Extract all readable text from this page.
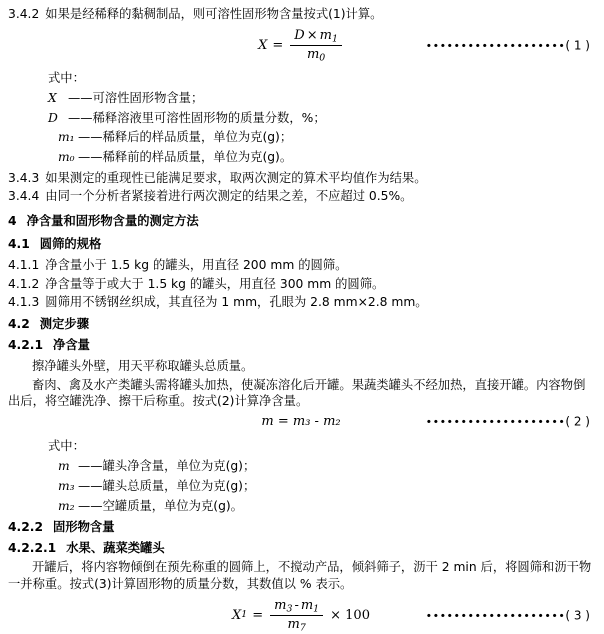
3.4.2 如果是经稀释的黏稠制品，则可溶性固形物含量按式(1)计算。
$X = \frac{D \times m_1}{m_0}$	••••••••••••••••••••( 1 )
式中：
X —— 可溶性固形物含量；
D —— 稀释溶液里可溶性固形物的质量分数，%；
m₁ —— 稀释后的样品质量，单位为克(g)；
m₀ —— 稀释前的样品质量，单位为克(g)。
3.4.3 如果测定的重现性已能满足要求，取两次测定的算术平均值作为结果。
3.4.4 由同一个分析者紧接着进行两次测定的结果之差，不应超过 0.5%。
4 净含量和固形物含量的测定方法
4.1 圆筛的规格
4.1.1 净含量小于 1.5 kg 的罐头，用直径 200 mm 的圆筛。
4.1.2 净含量等于或大于 1.5 kg 的罐头，用直径 300 mm 的圆筛。
4.1.3 圆筛用不锈钢丝织成，其直径为 1 mm，孔眼为 2.8 mm×2.8 mm。
4.2 测定步骤
4.2.1 净含量
擦净罐头外壁，用天平称取罐头总质量。
畜肉、禽及水产类罐头需将罐头加热，使凝冻溶化后开罐。果蔬类罐头不经加热，直接开罐。内容物倒出后，将空罐洗净、擦干后称重。按式(2)计算净含量。
m = m₃ - m₂	••••••••••••••••••••( 2 )
式中：
m —— 罐头净含量，单位为克(g)；
m₃ —— 罐头总质量，单位为克(g)；
m₂ —— 空罐质量，单位为克(g)。
4.2.2 固形物含量
4.2.2.1 水果、蔬菜类罐头
开罐后，将内容物倾倒在预先称重的圆筛上，不搅动产品，倾斜筛子，沥干 2 min 后，将圆筛和沥干物一并称重。按式(3)计算固形物的质量分数，其数值以 % 表示。
X $1 = \frac{m_3 - m_1}{m_7} \times 100$	••••••••••••••••••••( 3 )
